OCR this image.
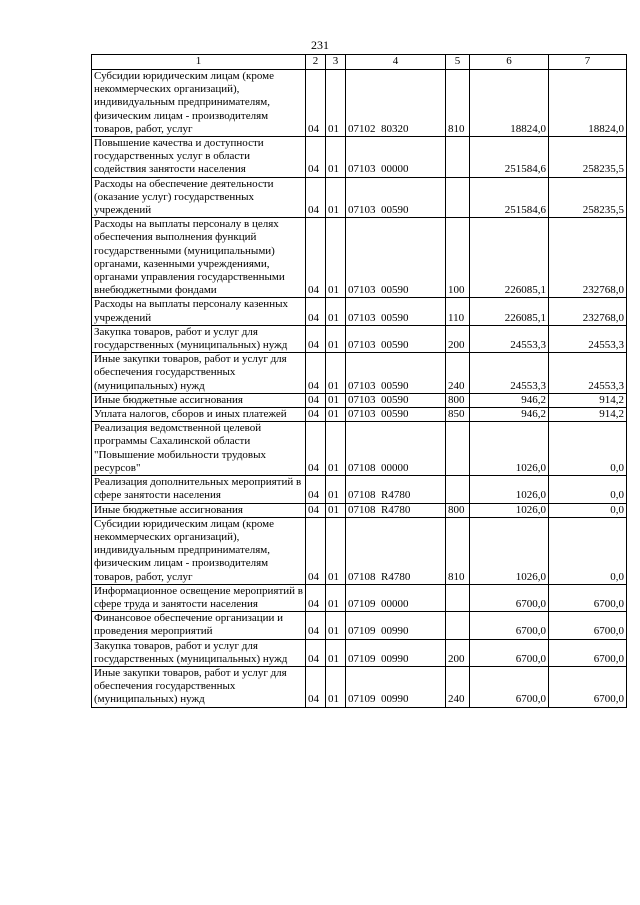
231
1	2	3	4	5	6	7
Субсидии юридическим лицам (кроме некоммерческих организаций), индивидуальным предпринимателям, физическим лицам - производителям товаров, работ, услуг	04	01	07102 80320	810	18824,0	18824,0
Повышение качества и доступности государственных услуг в области содействия занятости населения	04	01	07103 00000		251584,6	258235,5
Расходы на обеспечение деятельности (оказание услуг) государственных учреждений	04	01	07103 00590		251584,6	258235,5
Расходы на выплаты персоналу в целях обеспечения выполнения функций государственными (муниципальными) органами, казенными учреждениями, органами управления государственными внебюджетными фондами	04	01	07103 00590	100	226085,1	232768,0
Расходы на выплаты персоналу казенных учреждений	04	01	07103 00590	110	226085,1	232768,0
Закупка товаров, работ и услуг для государственных (муниципальных) нужд	04	01	07103 00590	200	24553,3	24553,3
Иные закупки товаров, работ и услуг для обеспечения государственных (муниципальных) нужд	04	01	07103 00590	240	24553,3	24553,3
Иные бюджетные ассигнования	04	01	07103 00590	800	946,2	914,2
Уплата налогов, сборов и иных платежей	04	01	07103 00590	850	946,2	914,2
Реализация ведомственной целевой программы Сахалинской области "Повышение мобильности трудовых ресурсов"	04	01	07108 00000		1026,0	0,0
Реализация дополнительных мероприятий в сфере занятости населения	04	01	07108 R4780		1026,0	0,0
Иные бюджетные ассигнования	04	01	07108 R4780	800	1026,0	0,0
Субсидии юридическим лицам (кроме некоммерческих организаций), индивидуальным предпринимателям, физическим лицам - производителям товаров, работ, услуг	04	01	07108 R4780	810	1026,0	0,0
Информационное освещение мероприятий в сфере труда и занятости населения	04	01	07109 00000		6700,0	6700,0
Финансовое обеспечение организации и проведения мероприятий	04	01	07109 00990		6700,0	6700,0
Закупка товаров, работ и услуг для государственных (муниципальных) нужд	04	01	07109 00990	200	6700,0	6700,0
Иные закупки товаров, работ и услуг для обеспечения государственных (муниципальных) нужд	04	01	07109 00990	240	6700,0	6700,0
